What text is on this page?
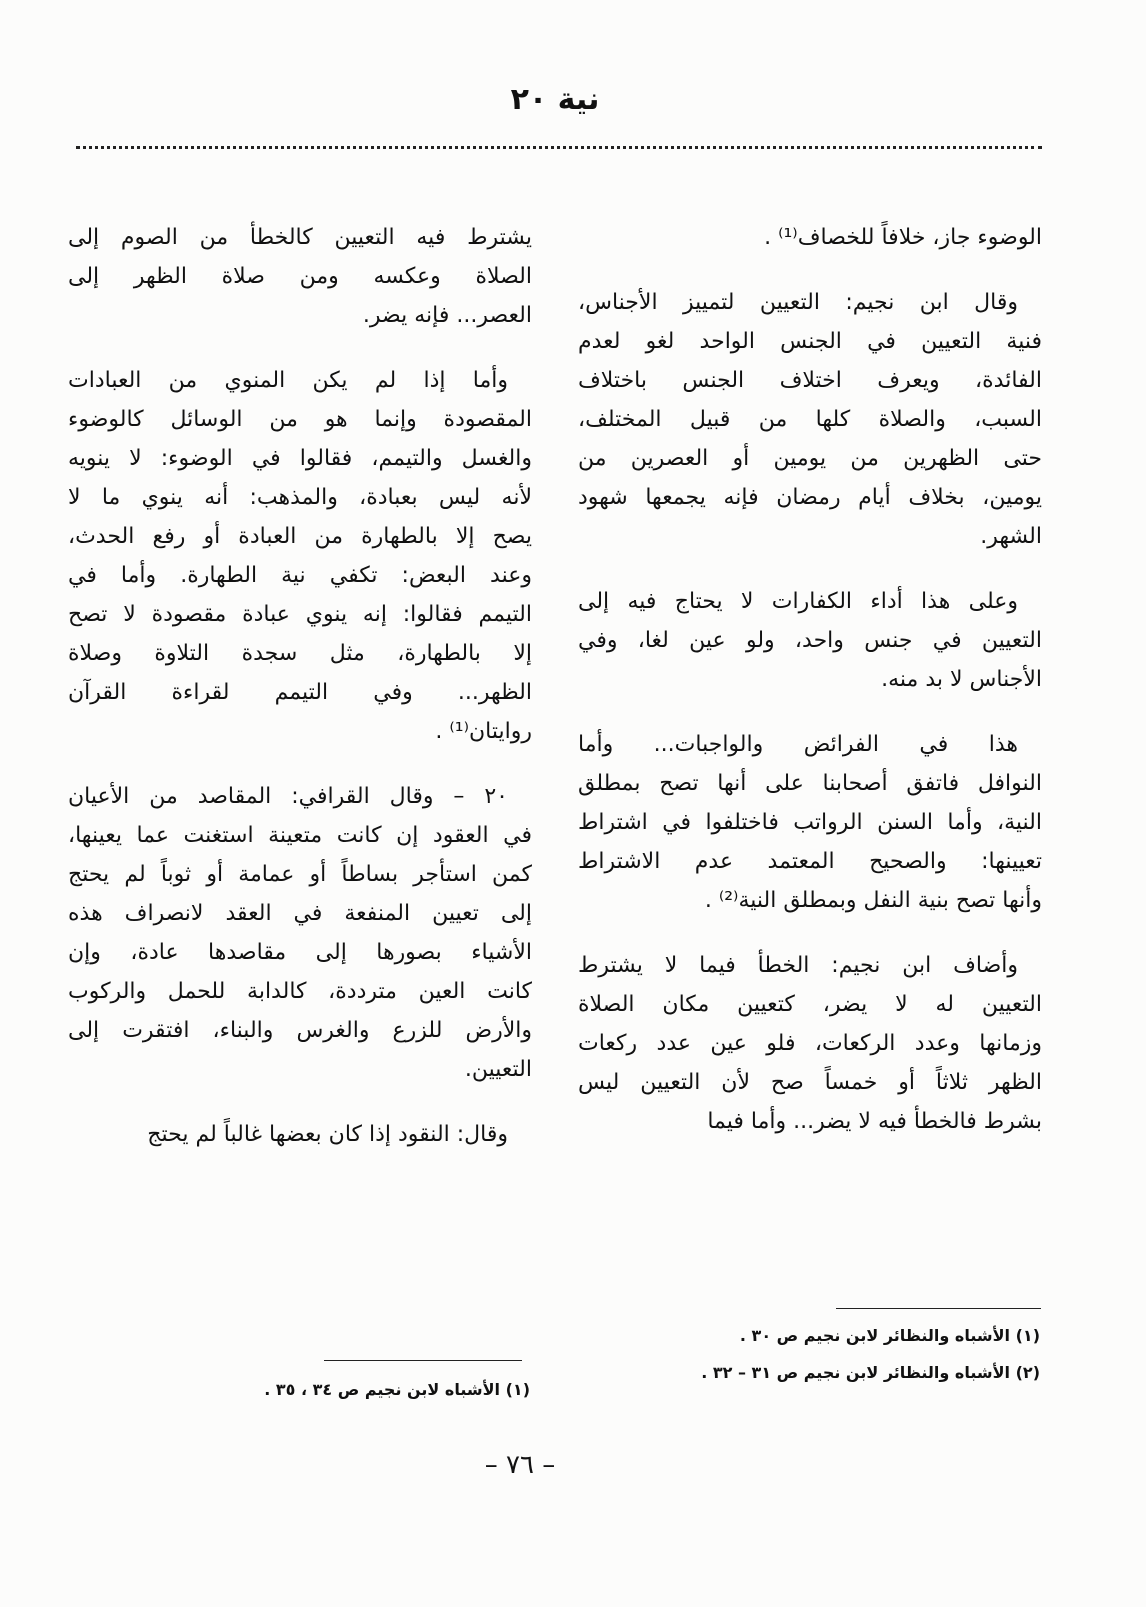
نية ٢٠
الوضوء جاز، خلافاً للخصاف⁽¹⁾ .
وقال ابن نجيم: التعيين لتمييز الأجناس،
فنية التعيين في الجنس الواحد لغو لعدم
الفائدة، ويعرف اختلاف الجنس باختلاف
السبب، والصلاة كلها من قبيل المختلف،
حتى الظهرين من يومين أو العصرين من
يومين، بخلاف أيام رمضان فإنه يجمعها شهود
الشهر.
وعلى هذا أداء الكفارات لا يحتاج فيه إلى
التعيين في جنس واحد، ولو عين لغا، وفي
الأجناس لا بد منه.
هذا في الفرائض والواجبات... وأما
النوافل فاتفق أصحابنا على أنها تصح بمطلق
النية، وأما السنن الرواتب فاختلفوا في اشتراط
تعيينها: والصحيح المعتمد عدم الاشتراط
وأنها تصح بنية النفل وبمطلق النية⁽²⁾ .
وأضاف ابن نجيم: الخطأ فيما لا يشترط
التعيين له لا يضر، كتعيين مكان الصلاة
وزمانها وعدد الركعات، فلو عين عدد ركعات
الظهر ثلاثاً أو خمساً صح لأن التعيين ليس
بشرط فالخطأ فيه لا يضر... وأما فيما
يشترط فيه التعيين كالخطأ من الصوم إلى
الصلاة وعكسه ومن صلاة الظهر إلى
العصر... فإنه يضر.
وأما إذا لم يكن المنوي من العبادات
المقصودة وإنما هو من الوسائل كالوضوء
والغسل والتيمم، فقالوا في الوضوء: لا ينويه
لأنه ليس بعبادة، والمذهب: أنه ينوي ما لا
يصح إلا بالطهارة من العبادة أو رفع الحدث،
وعند البعض: تكفي نية الطهارة. وأما في
التيمم فقالوا: إنه ينوي عبادة مقصودة لا تصح
إلا بالطهارة، مثل سجدة التلاوة وصلاة
الظهر... وفي التيمم لقراءة القرآن
روايتان⁽¹⁾ .
٢٠ – وقال القرافي: المقاصد من الأعيان
في العقود إن كانت متعينة استغنت عما يعينها،
كمن استأجر بساطاً أو عمامة أو ثوباً لم يحتج
إلى تعيين المنفعة في العقد لانصراف هذه
الأشياء بصورها إلى مقاصدها عادة، وإن
كانت العين مترددة، كالدابة للحمل والركوب
والأرض للزرع والغرس والبناء، افتقرت إلى
التعيين.
وقال: النقود إذا كان بعضها غالباً لم يحتج
(١) الأشباه والنظائر لابن نجيم ص ٣٠ .
(٢) الأشباه والنظائر لابن نجيم ص ٣١ – ٣٢ .
(١) الأشباه لابن نجيم ص ٣٤ ، ٣٥ .
– ٧٦ –
